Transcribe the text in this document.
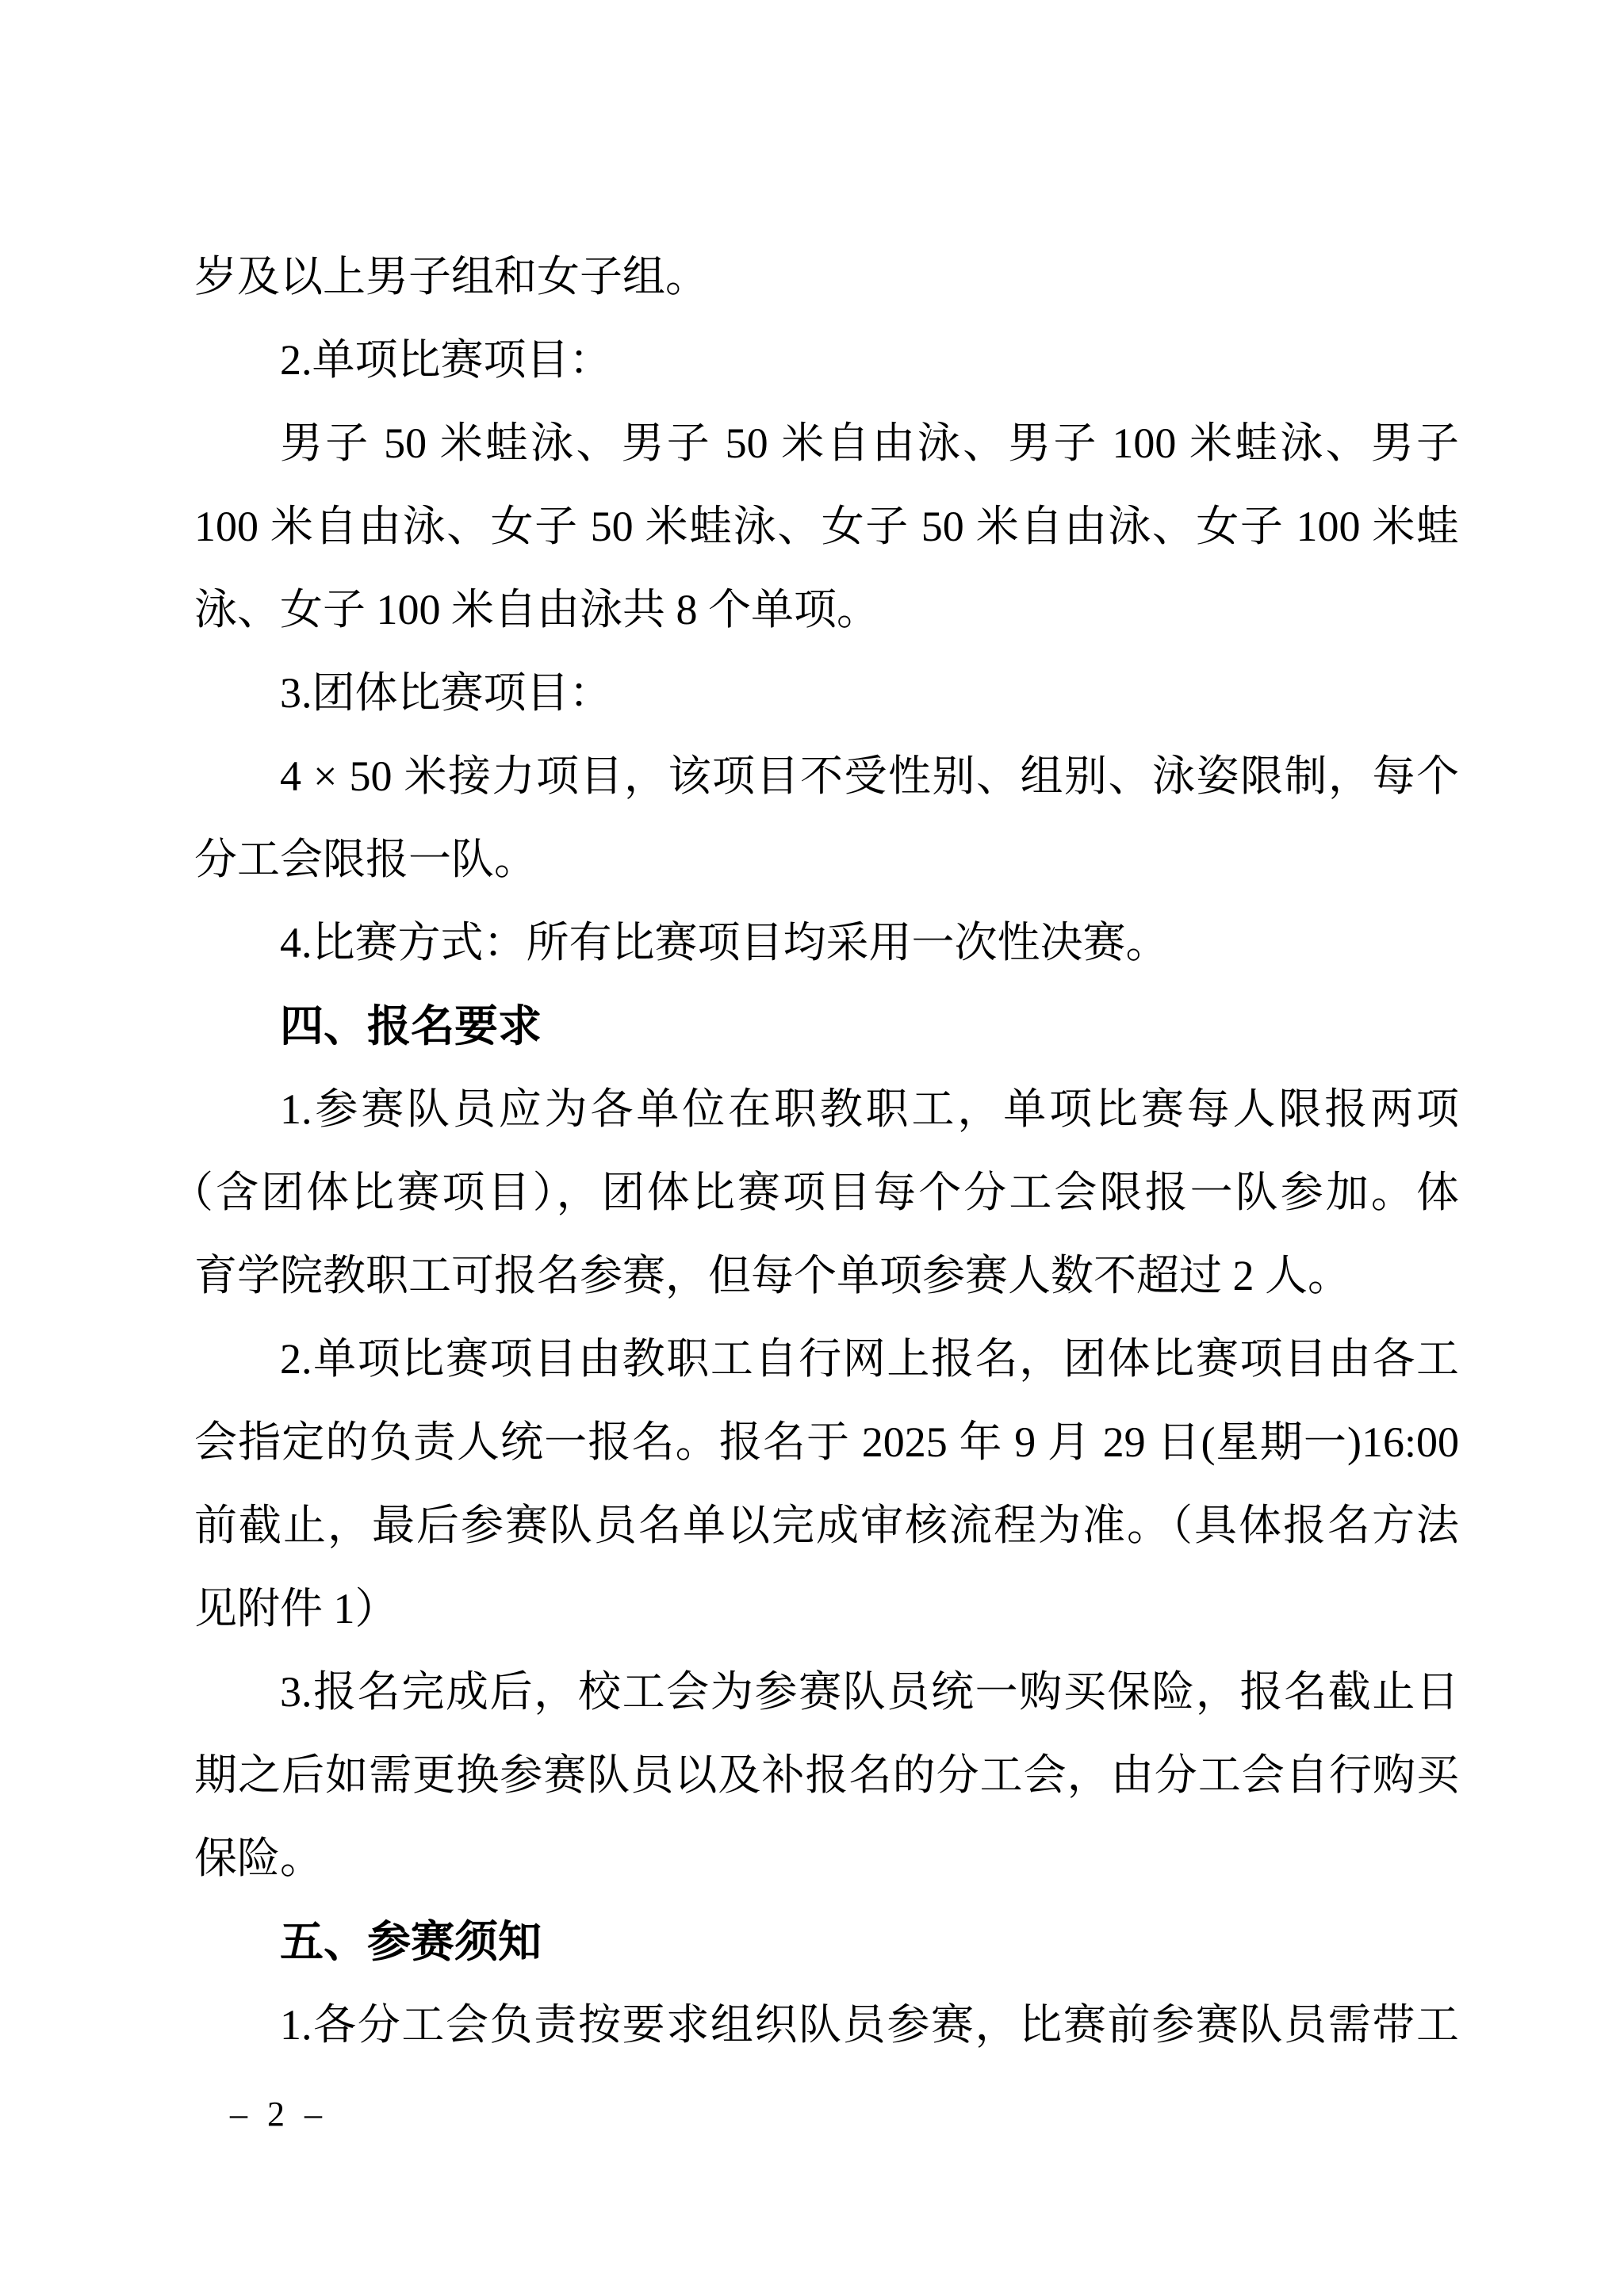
岁及以上男子组和女子组。
2.单项比赛项目：
男子 50 米蛙泳、男子 50 米自由泳、男子 100 米蛙泳、男子
100 米自由泳、女子 50 米蛙泳、女子 50 米自由泳、女子 100 米蛙
泳、女子 100 米自由泳共 8 个单项。
3.团体比赛项目：
4 × 50 米接力项目，该项目不受性别、组别、泳姿限制，每个
分工会限报一队。
4.比赛方式：所有比赛项目均采用一次性决赛。
四、报名要求
1.参赛队员应为各单位在职教职工，单项比赛每人限报两项
（含团体比赛项目），团体比赛项目每个分工会限报一队参加。体
育学院教职工可报名参赛，但每个单项参赛人数不超过 2 人。
2.单项比赛项目由教职工自行网上报名，团体比赛项目由各工
会指定的负责人统一报名。报名于 2025 年 9 月 29 日(星期一)16:00
前截止，最后参赛队员名单以完成审核流程为准。（具体报名方法
见附件 1）
3.报名完成后，校工会为参赛队员统一购买保险，报名截止日
期之后如需更换参赛队员以及补报名的分工会，由分工会自行购买
保险。
五、参赛须知
1.各分工会负责按要求组织队员参赛，比赛前参赛队员需带工
– 2 –
